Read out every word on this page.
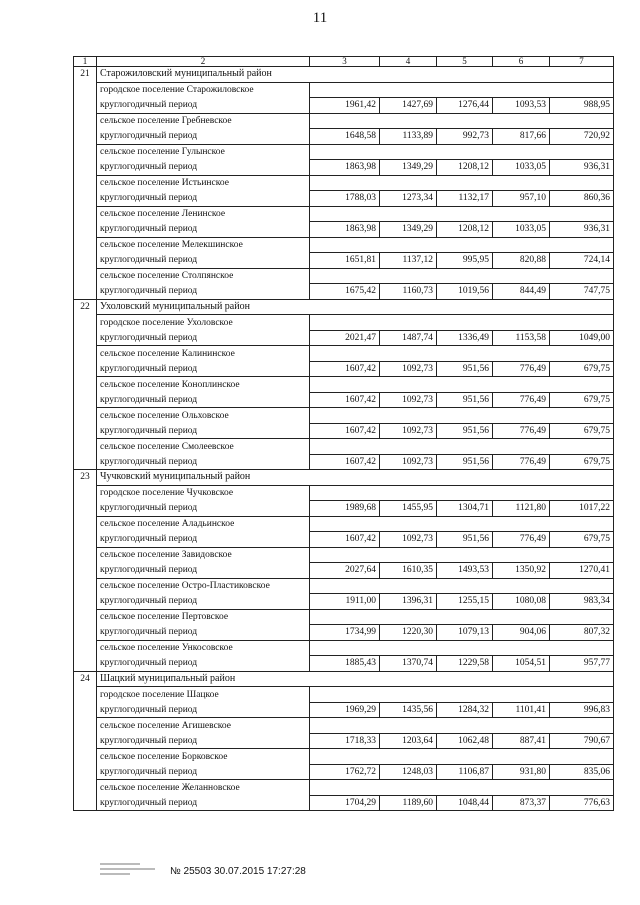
11
1	2	3	4	5	6	7
21	Старожиловский муниципальный район					
	городское поселение Старожиловское					
	круглогодичный период	1961,42	1427,69	1276,44	1093,53	988,95
	сельское поселение Гребневское					
	круглогодичный период	1648,58	1133,89	992,73	817,66	720,92
	сельское поселение Гулынское					
	круглогодичный период	1863,98	1349,29	1208,12	1033,05	936,31
	сельское поселение Истьинское					
	круглогодичный период	1788,03	1273,34	1132,17	957,10	860,36
	сельское поселение Ленинское					
	круглогодичный период	1863,98	1349,29	1208,12	1033,05	936,31
	сельское поселение Мелекшинское					
	круглогодичный период	1651,81	1137,12	995,95	820,88	724,14
	сельское поселение Столпянское					
	круглогодичный период	1675,42	1160,73	1019,56	844,49	747,75
22	Ухоловский муниципальный район					
	городское поселение Ухоловское					
	круглогодичный период	2021,47	1487,74	1336,49	1153,58	1049,00
	сельское поселение Калининское					
	круглогодичный период	1607,42	1092,73	951,56	776,49	679,75
	сельское поселение Коноплинское					
	круглогодичный период	1607,42	1092,73	951,56	776,49	679,75
	сельское поселение Ольховское					
	круглогодичный период	1607,42	1092,73	951,56	776,49	679,75
	сельское поселение Смолеевское					
	круглогодичный период	1607,42	1092,73	951,56	776,49	679,75
23	Чучковский муниципальный район					
	городское поселение Чучковское					
	круглогодичный период	1989,68	1455,95	1304,71	1121,80	1017,22
	сельское поселение Аладьинское					
	круглогодичный период	1607,42	1092,73	951,56	776,49	679,75
	сельское поселение Завидовское					
	круглогодичный период	2027,64	1610,35	1493,53	1350,92	1270,41
	сельское поселение Остро-Пластиковское					
	круглогодичный период	1911,00	1396,31	1255,15	1080,08	983,34
	сельское поселение Пертовское					
	круглогодичный период	1734,99	1220,30	1079,13	904,06	807,32
	сельское поселение Ункосовское					
	круглогодичный период	1885,43	1370,74	1229,58	1054,51	957,77
24	Шацкий муниципальный район					
	городское поселение Шацкое					
	круглогодичный период	1969,29	1435,56	1284,32	1101,41	996,83
	сельское поселение Агишевское					
	круглогодичный период	1718,33	1203,64	1062,48	887,41	790,67
	сельское поселение Борковское					
	круглогодичный период	1762,72	1248,03	1106,87	931,80	835,06
	сельское поселение Желанновское					
	круглогодичный период	1704,29	1189,60	1048,44	873,37	776,63
№ 25503 30.07.2015 17:27:28
